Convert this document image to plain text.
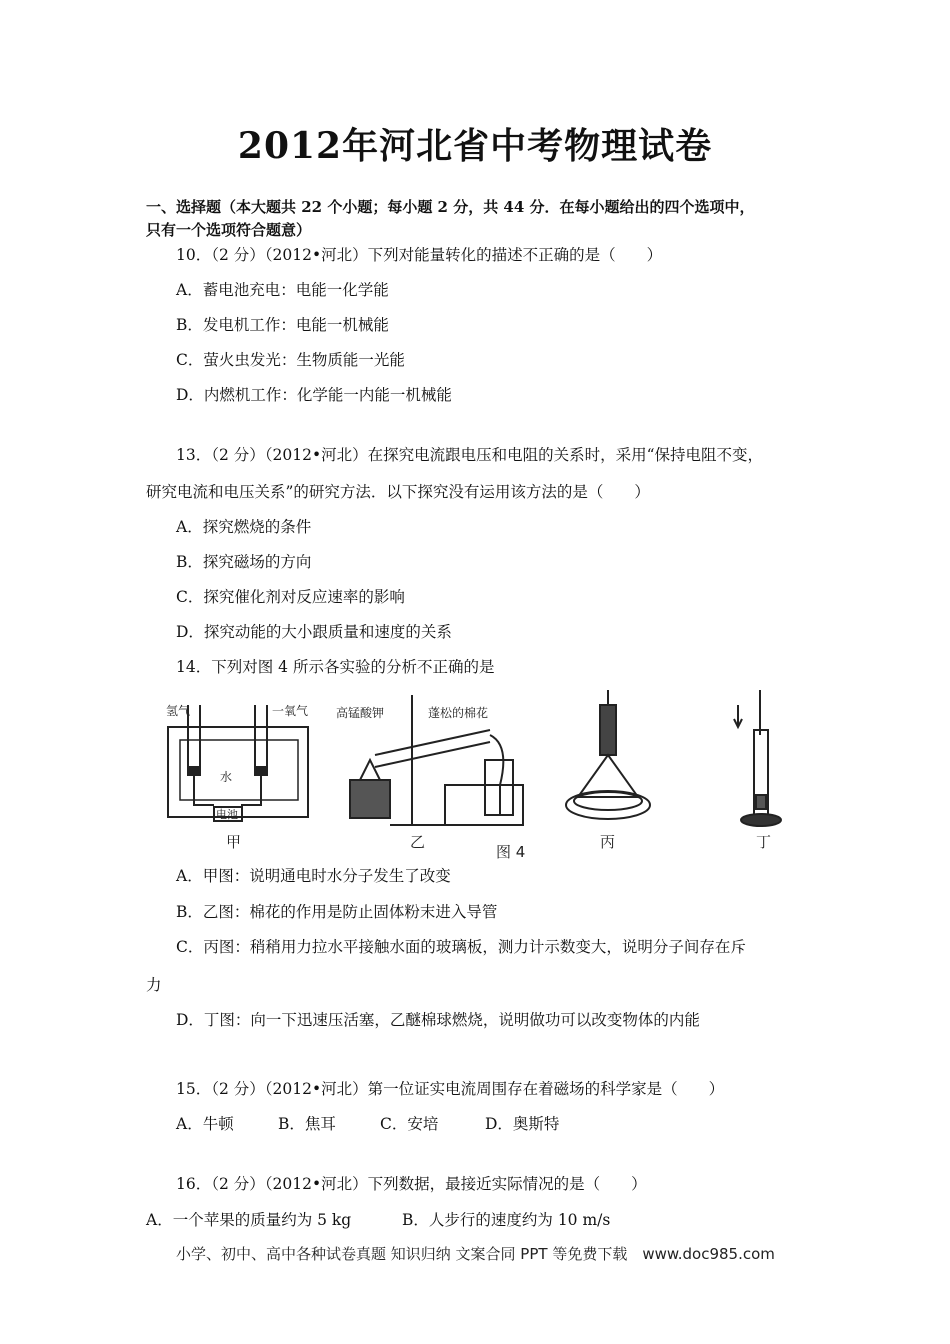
2012年河北省中考物理试卷
一、选择题（本大题共 22 个小题；每小题 2 分，共 44 分．在每小题给出的四个选项中，
只有一个选项符合题意）
10．（2 分）（2012•河北）下列对能量转化的描述不正确的是（　　）
A．蓄电池充电：电能一化学能
B．发电机工作：电能一机械能
C．萤火虫发光：生物质能一光能
D．内燃机工作：化学能一内能一机械能
13．（2 分）（2012•河北）在探究电流跟电压和电阻的关系时，采用“保持电阻不变，
研究电流和电压关系”的研究方法．以下探究没有运用该方法的是（　　）
A．探究燃烧的条件
B．探究磁场的方向
C．探究催化剂对反应速率的影响
D．探究动能的大小跟质量和速度的关系
14．下列对图 4 所示各实验的分析不正确的是
氢气	一氧气
水
电池
甲
高锰酸钾	蓬松的棉花
乙
图 4
丙	丁
A．甲图：说明通电时水分子发生了改变
B．乙图：棉花的作用是防止固体粉末进入导管
C．丙图：稍稍用力拉水平接触水面的玻璃板，测力计示数变大，说明分子间存在斥
力
D．丁图：向一下迅速压活塞，乙醚棉球燃烧，说明做功可以改变物体的内能
15．（2 分）（2012•河北）第一位证实电流周围存在着磁场的科学家是（　　）
A．牛顿	B．焦耳	C．安培	D．奥斯特
16．（2 分）（2012•河北）下列数据，最接近实际情况的是（　　）
A．一个苹果的质量约为 5 kg	B．人步行的速度约为 10 m/s
小学、初中、高中各种试卷真题 知识归纳 文案合同 PPT 等免费下载　www.doc985.com
